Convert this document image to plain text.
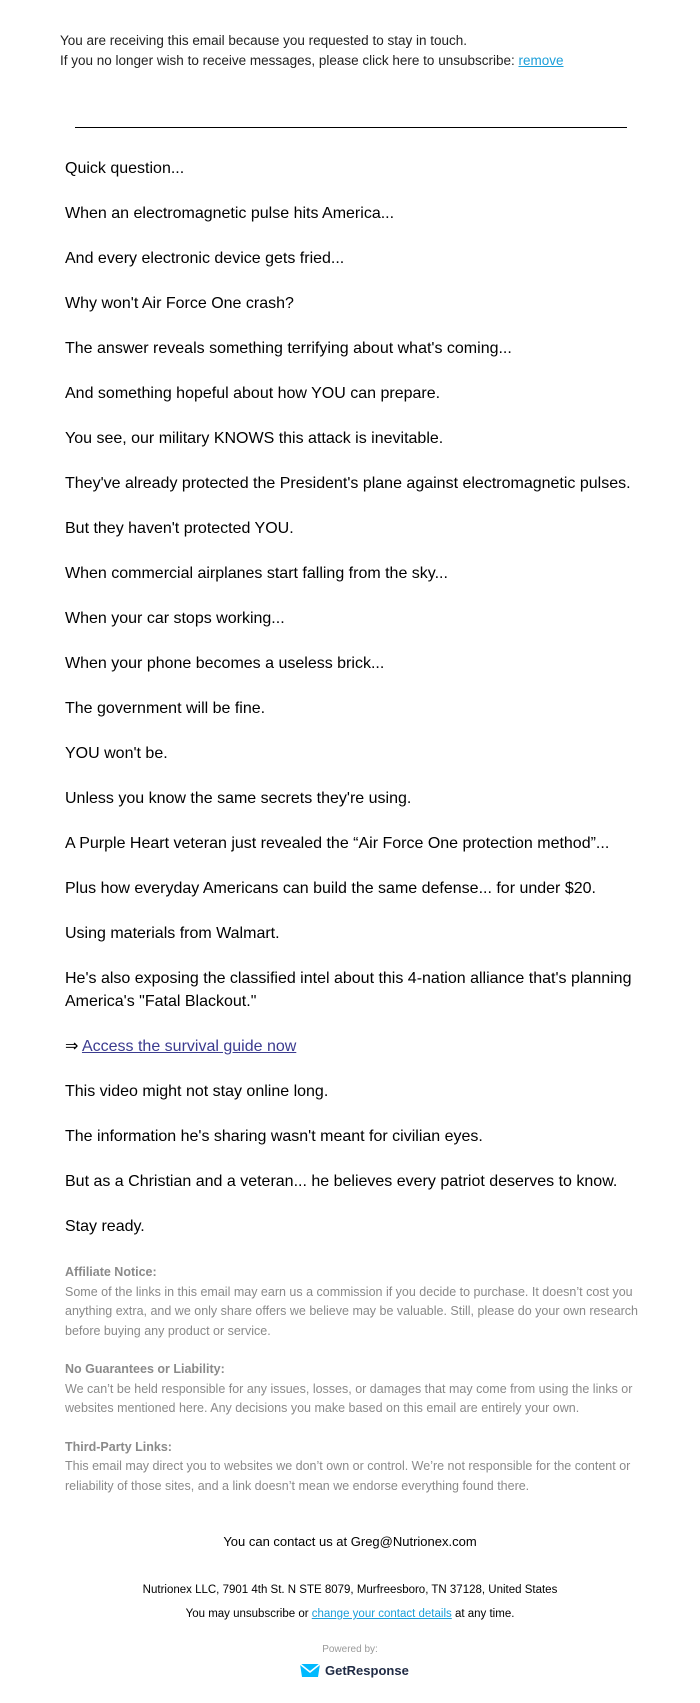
You are receiving this email because you requested to stay in touch.
If you no longer wish to receive messages, please click here to unsubscribe: remove

Quick question...

When an electromagnetic pulse hits America...

And every electronic device gets fried...

Why won't Air Force One crash?

The answer reveals something terrifying about what's coming...

And something hopeful about how YOU can prepare.

You see, our military KNOWS this attack is inevitable.

They've already protected the President's plane against electromagnetic pulses.

But they haven't protected YOU.

When commercial airplanes start falling from the sky...

When your car stops working...

When your phone becomes a useless brick...

The government will be fine.

YOU won't be.

Unless you know the same secrets they're using.

A Purple Heart veteran just revealed the “Air Force One protection method”...

Plus how everyday Americans can build the same defense... for under $20.

Using materials from Walmart.

He's also exposing the classified intel about this 4-nation alliance that's planning America's "Fatal Blackout."

⇒ Access the survival guide now

This video might not stay online long.

The information he's sharing wasn't meant for civilian eyes.

But as a Christian and a veteran... he believes every patriot deserves to know.

Stay ready.

Affiliate Notice:
Some of the links in this email may earn us a commission if you decide to purchase. It doesn’t cost you anything extra, and we only share offers we believe may be valuable. Still, please do your own research before buying any product or service.
No Guarantees or Liability:
We can’t be held responsible for any issues, losses, or damages that may come from using the links or websites mentioned here. Any decisions you make based on this email are entirely your own.
Third-Party Links:
This email may direct you to websites we don’t own or control. We’re not responsible for the content or reliability of those sites, and a link doesn’t mean we endorse everything found there.
You can contact us at Greg@Nutrionex.com
Nutrionex LLC, 7901 4th St. N STE 8079, Murfreesboro, TN 37128, United States
You may unsubscribe or change your contact details at any time.
Powered by:
GetResponse
